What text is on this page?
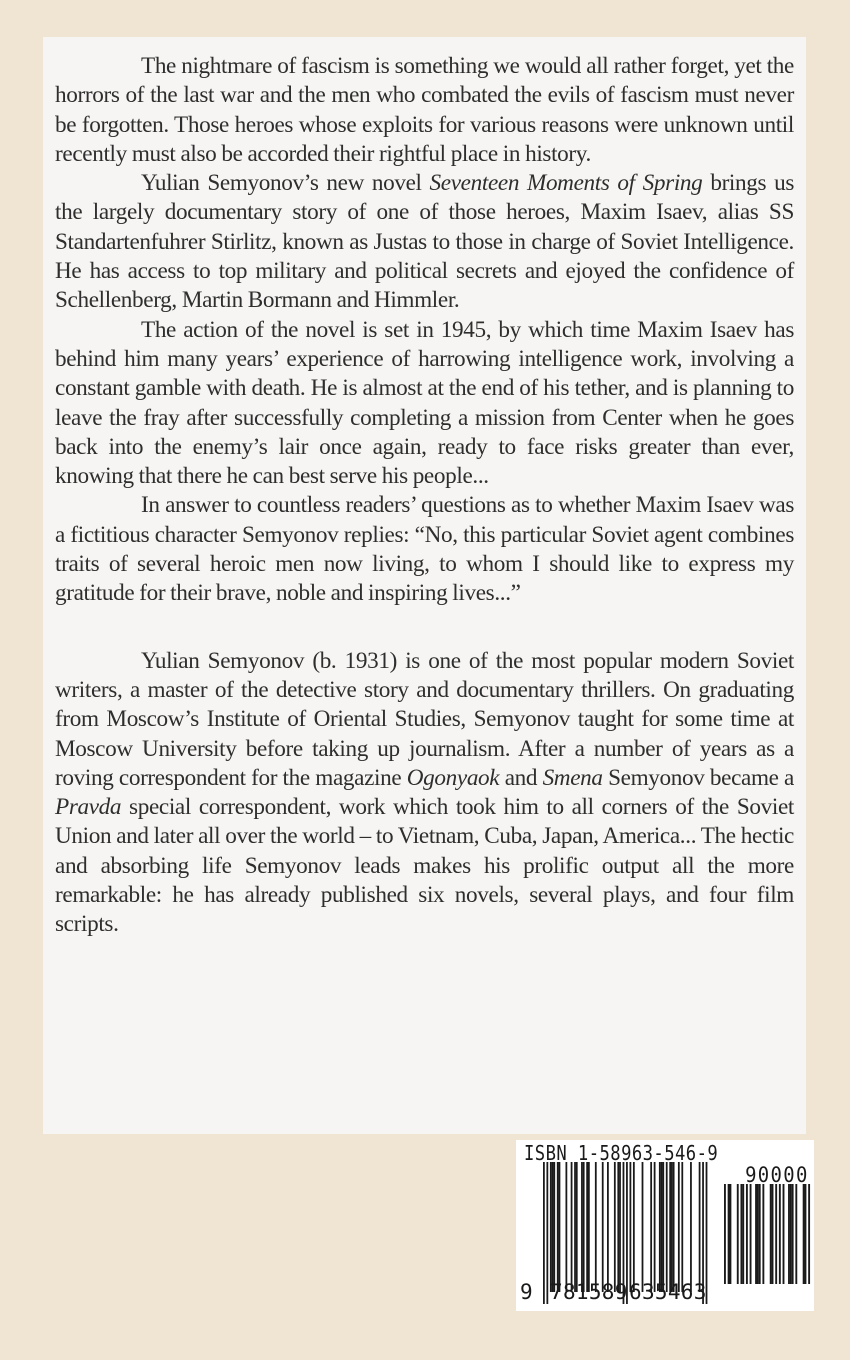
The nightmare of fascism is something we would all rather forget, yet the horrors of the last war and the men who combated the evils of fascism must never be forgotten. Those heroes whose exploits for various reasons were unknown until recently must also be accorded their rightful place in history.

Yulian Semyonov’s new novel Seventeen Moments of Spring brings us the largely documentary story of one of those heroes, Maxim Isaev, alias SS Standartenfuhrer Stirlitz, known as Justas to those in charge of Soviet Intelligence. He has access to top military and political secrets and ejoyed the confidence of Schellenberg, Martin Bormann and Himmler.

The action of the novel is set in 1945, by which time Maxim Isaev has behind him many years’ experience of harrowing intelligence work, involving a constant gamble with death. He is almost at the end of his tether, and is planning to leave the fray after successfully completing a mission from Center when he goes back into the enemy’s lair once again, ready to face risks greater than ever, knowing that there he can best serve his people...

In answer to countless readers’ questions as to whether Maxim Isaev was a fictitious character Semyonov replies: “No, this particular Soviet agent combines traits of several heroic men now living, to whom I should like to express my gratitude for their brave, noble and inspiring lives...”

Yulian Semyonov (b. 1931) is one of the most popular modern Soviet writers, a master of the detective story and documentary thrillers. On graduating from Moscow’s Institute of Oriental Studies, Semyonov taught for some time at Moscow University before taking up journalism. After a number of years as a roving correspondent for the magazine Ogonyaok and Smena Semyonov became a Pravda special correspondent, work which took him to all corners of the Soviet Union and later all over the world – to Vietnam, Cuba, Japan, America... The hectic and absorbing life Semyonov leads makes his prolific output all the more remarkable: he has already published six novels, several plays, and four film scripts.

ISBN 1-58963-546-9
90000
9 781589 635463
